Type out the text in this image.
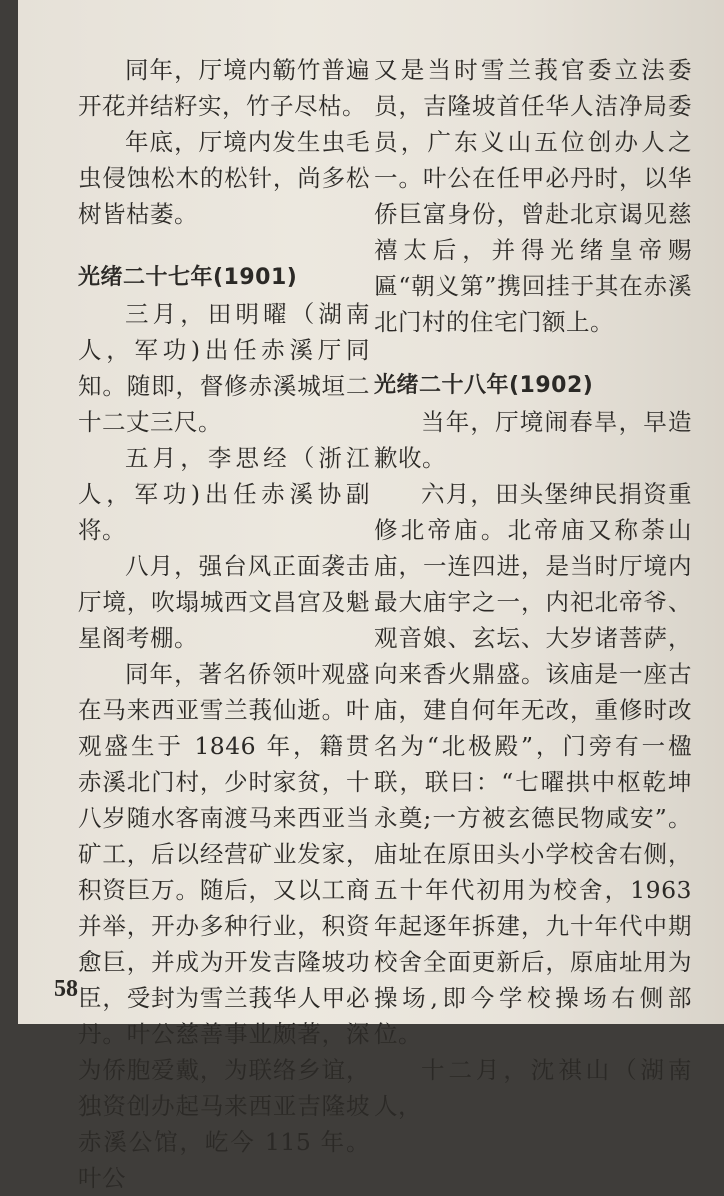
同年，厅境内簕竹普遍开花并结籽实，竹子尽枯。

年底，厅境内发生虫毛虫侵蚀松木的松针，尚多松树皆枯萎。

光绪二十七年(1901)

三月，田明曜（湖南人，军功)出任赤溪厅同知。随即，督修赤溪城垣二十二丈三尺。

五月，李思经（浙江人，军功)出任赤溪协副将。

八月，强台风正面袭击厅境，吹塌城西文昌宫及魁星阁考棚。

同年，著名侨领叶观盛在马来西亚雪兰莪仙逝。叶观盛生于 1846 年，籍贯赤溪北门村，少时家贫，十八岁随水客南渡马来西亚当矿工，后以经营矿业发家，积资巨万。随后，又以工商并举，开办多种行业，积资愈巨，并成为开发吉隆坡功臣，受封为雪兰莪华人甲必丹。叶公慈善事业颇著，深为侨胞爱戴，为联络乡谊，独资创办起马来西亚吉隆坡赤溪公馆，屹今 115 年。叶公

又是当时雪兰莪官委立法委员，吉隆坡首任华人洁净局委员，广东义山五位创办人之一。叶公在任甲必丹时，以华侨巨富身份，曾赴北京谒见慈禧太后，并得光绪皇帝赐匾“朝义第”携回挂于其在赤溪北门村的住宅门额上。

光绪二十八年(1902)

当年，厅境闹春旱，早造歉收。

六月，田头堡绅民捐资重修北帝庙。北帝庙又称荼山庙，一连四进，是当时厅境内最大庙宇之一，内祀北帝爷、观音娘、玄坛、大岁诸菩萨，向来香火鼎盛。该庙是一座古庙，建自何年无改，重修时改名为“北极殿”，门旁有一楹联，联曰：“七曜拱中枢乾坤永奠;一方被玄德民物咸安”。庙址在原田头小学校舍右侧，五十年代初用为校舍，1963 年起逐年拆建，九十年代中期校舍全面更新后，原庙址用为操场,即今学校操场右侧部位。

十二月，沈祺山（湖南人，

58
